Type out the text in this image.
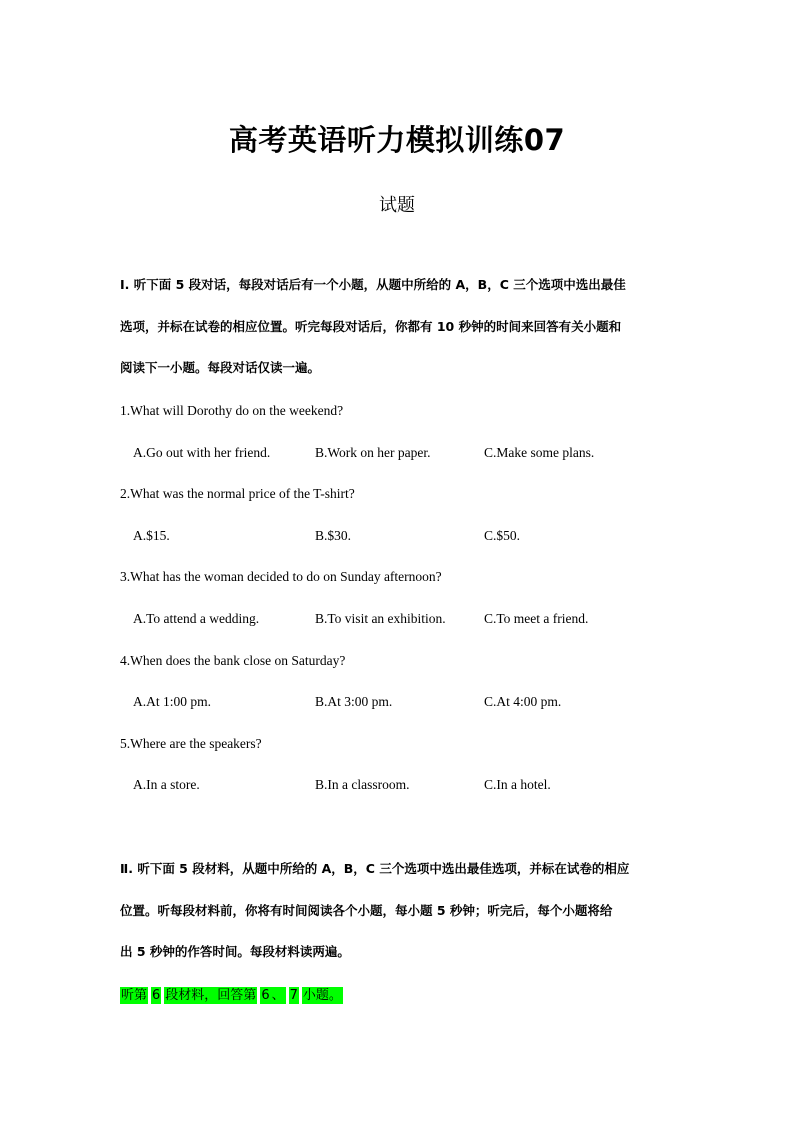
高考英语听力模拟训练07
试题
Ⅰ. 听下面 5 段对话，每段对话后有一个小题，从题中所给的 A，B，C 三个选项中选出最佳
选项，并标在试卷的相应位置。听完每段对话后，你都有 10 秒钟的时间来回答有关小题和
阅读下一小题。每段对话仅读一遍。
1.What will Dorothy do on the weekend?
A.Go out with her friend.	B.Work on her paper.	C.Make some plans.
2.What was the normal price of the T-shirt?
A.$15.	B.$30.	C.$50.
3.What has the woman decided to do on Sunday afternoon?
A.To attend a wedding.	B.To visit an exhibition.	C.To meet a friend.
4.When does the bank close on Saturday?
A.At 1:00 pm.	B.At 3:00 pm.	C.At 4:00 pm.
5.Where are the speakers?
A.In a store.	B.In a classroom.	C.In a hotel.
Ⅱ. 听下面 5 段材料，从题中所给的 A，B，C 三个选项中选出最佳选项，并标在试卷的相应
位置。听每段材料前，你将有时间阅读各个小题，每小题 5 秒钟；听完后，每个小题将给
出 5 秒钟的作答时间。每段材料读两遍。
听第 6 段材料，回答第 6 、 7 小题。
